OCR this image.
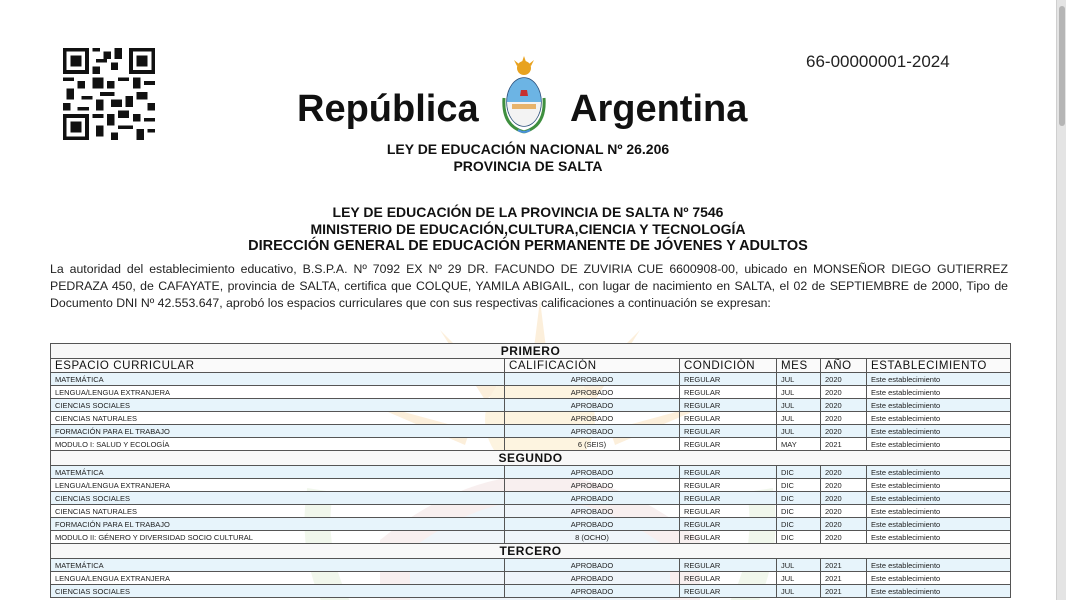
66-00000001-2024
República Argentina
LEY DE EDUCACIÓN NACIONAL Nº 26.206
PROVINCIA DE SALTA
LEY DE EDUCACIÓN DE LA PROVINCIA DE SALTA Nº 7546
MINISTERIO DE EDUCACIÓN,CULTURA,CIENCIA Y TECNOLOGÍA
DIRECCIÓN GENERAL DE EDUCACIÓN PERMANENTE DE JÓVENES Y ADULTOS
La autoridad del establecimiento educativo, B.S.P.A. Nº 7092 EX Nº 29 DR. FACUNDO DE ZUVIRIA CUE 6600908-00, ubicado en MONSEÑOR DIEGO GUTIERREZ PEDRAZA 450, de CAFAYATE, provincia de SALTA, certifica que COLQUE, YAMILA ABIGAIL, con lugar de nacimiento en SALTA, el 02 de SEPTIEMBRE de 2000, Tipo de Documento DNI Nº 42.553.647, aprobó los espacios curriculares que con sus respectivas calificaciones a continuación se expresan:
PRIMERO					
ESPACIO CURRICULAR	CALIFICACIÓN	CONDICIÓN	MES	AÑO	ESTABLECIMIENTO
MATEMÁTICA	APROBADO	REGULAR	JUL	2020	Este establecimiento
LENGUA/LENGUA EXTRANJERA	APROBADO	REGULAR	JUL	2020	Este establecimiento
CIENCIAS SOCIALES	APROBADO	REGULAR	JUL	2020	Este establecimiento
CIENCIAS NATURALES	APROBADO	REGULAR	JUL	2020	Este establecimiento
FORMACIÓN PARA EL TRABAJO	APROBADO	REGULAR	JUL	2020	Este establecimiento
MODULO I: SALUD Y ECOLOGÍA	6 (SEIS)	REGULAR	MAY	2021	Este establecimiento
SEGUNDO					
MATEMÁTICA	APROBADO	REGULAR	DIC	2020	Este establecimiento
LENGUA/LENGUA EXTRANJERA	APROBADO	REGULAR	DIC	2020	Este establecimiento
CIENCIAS SOCIALES	APROBADO	REGULAR	DIC	2020	Este establecimiento
CIENCIAS NATURALES	APROBADO	REGULAR	DIC	2020	Este establecimiento
FORMACIÓN PARA EL TRABAJO	APROBADO	REGULAR	DIC	2020	Este establecimiento
MODULO II: GÉNERO Y DIVERSIDAD SOCIO CULTURAL	8 (OCHO)	REGULAR	DIC	2020	Este establecimiento
TERCERO					
MATEMÁTICA	APROBADO	REGULAR	JUL	2021	Este establecimiento
LENGUA/LENGUA EXTRANJERA	APROBADO	REGULAR	JUL	2021	Este establecimiento
CIENCIAS SOCIALES	APROBADO	REGULAR	JUL	2021	Este establecimiento
